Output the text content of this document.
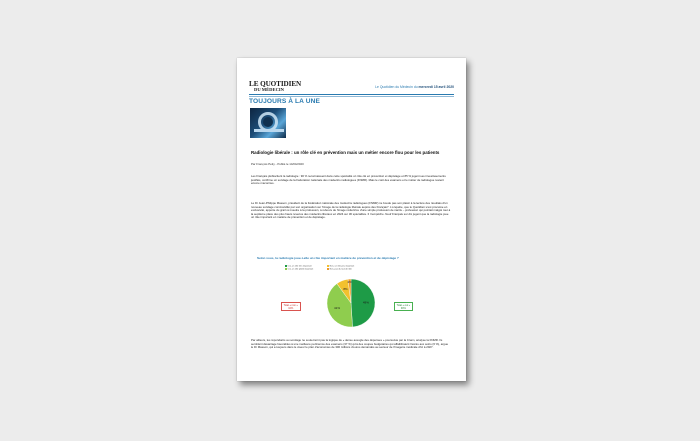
LE QUOTIDIEN
DU MÉDECIN	Le Quotidien du Médecin du mercredi 15 avril 2020
TOUJOURS À LA UNE
Radiologie libérale : un rôle clé en prévention mais un métier encore flou pour les patients
Par François Petty - Publié le 14/04/2020
Les Français plébiscitent la radiologie : 90 % reconnaissent dans cette spécialité un rôle clé en prévention et dépistage et 85 % jugent ses investissements justifiés, confirme un sondage de la Fédération nationale des médecins radiologues (FNMR). Mais le coût des examens et le métier de radiologue restent encore méconnus.
Le Dr Jean-Philippe Masson, président de la Fédération nationale des médecins radiologues (FNMR) ne boude pas son plaisir à la lecture des résultats d'un nouveau sondage commandité par son organisation sur l'image de la radiologie libérale auprès des Français*. L'enquête, que le Quotidien s'est procurée en exclusivité, apporte du grain à moudre à la profession, à rebours de l'image réductrice d'une simple profession de nantis – profession qui pointait malgré tout à la septième place des plus hauts revenus des médecins libéraux en 2024 sur 30 spécialités. Il n'empêche. Neuf Français sur dix jugent que la radiologie joue un rôle important en matière de prévention et de dépistage.
Selon vous, la radiologie joue-t-elle un rôle important en matière de prévention et de dépistage ?
Oui, un rôle très important	Non, un rôle peu important
Oui, un rôle plutôt important	Non, pas du tout de rôle
49%
41%
8%
2%
Total « non »
10%
Total « oui »
90%
Par ailleurs, les répondants au sondage ne souterrernt pas la logique de « dense aveugle des dépenses » poursuivie par la Cnam, analyse la FNMR. Ils semblent davantage favorables à une meilleure pertinence des examens (37 %) qu'à des coupes budgétaires qui affaibliraient l'accès aux soins (6 %), argue le Dr Masson, qui a toujours dans le viseur le plan d'économies de 300 millions d'euros demandés au secteur de l'imagerie médicale d'ici à 2027.
